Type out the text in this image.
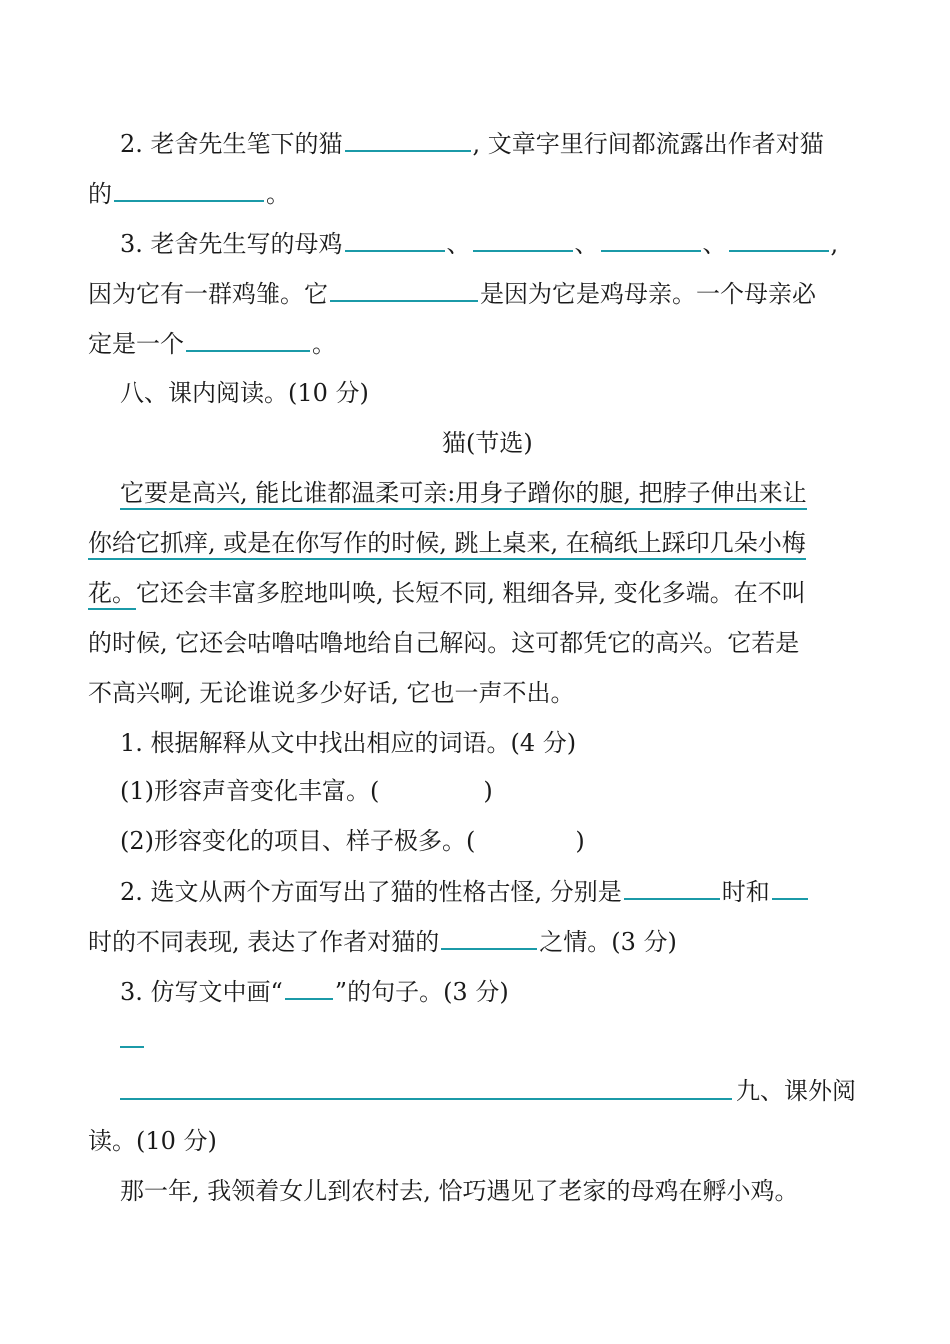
2. 老舍先生笔下的猫	, 文章字里行间都流露出作者对猫
的	。
3. 老舍先生写的母鸡	、	、	、	,
因为它有一群鸡雏。它	是因为它是鸡母亲。一个母亲必
定是一个	。
八、课内阅读。(10 分)
猫(节选)
它要是高兴, 能比谁都温柔可亲:用身子蹭你的腿, 把脖子伸出来让
你给它抓痒, 或是在你写作的时候, 跳上桌来, 在稿纸上踩印几朵小梅
花。它还会丰富多腔地叫唤, 长短不同, 粗细各异, 变化多端。在不叫
的时候, 它还会咕噜咕噜地给自己解闷。这可都凭它的高兴。它若是
不高兴啊, 无论谁说多少好话, 它也一声不出。
1. 根据解释从文中找出相应的词语。(4 分)
(1)形容声音变化丰富。(	)
(2)形容变化的项目、样子极多。(	)
2. 选文从两个方面写出了猫的性格古怪, 分别是	时和
时的不同表现, 表达了作者对猫的	之情。(3 分)
3. 仿写文中画“ ”的句子。(3 分)
九、课外阅
读。(10 分)
那一年, 我领着女儿到农村去, 恰巧遇见了老家的母鸡在孵小鸡。
